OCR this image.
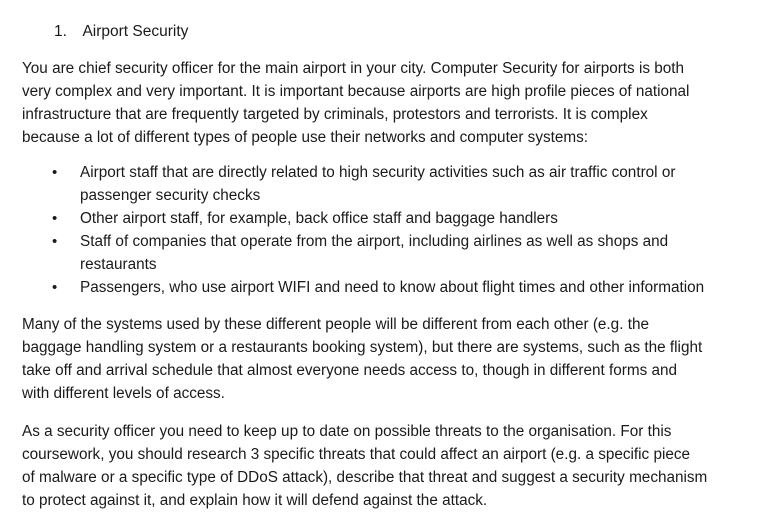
1. Airport Security

You are chief security officer for the main airport in your city. Computer Security for airports is both
very complex and very important. It is important because airports are high profile pieces of national
infrastructure that are frequently targeted by criminals, protestors and terrorists. It is complex
because a lot of different types of people use their networks and computer systems:

• Airport staff that are directly related to high security activities such as air traffic control or
passenger security checks
• Other airport staff, for example, back office staff and baggage handlers
• Staff of companies that operate from the airport, including airlines as well as shops and
restaurants
• Passengers, who use airport WIFI and need to know about flight times and other information

Many of the systems used by these different people will be different from each other (e.g. the
baggage handling system or a restaurants booking system), but there are systems, such as the flight
take off and arrival schedule that almost everyone needs access to, though in different forms and
with different levels of access.

As a security officer you need to keep up to date on possible threats to the organisation. For this
coursework, you should research 3 specific threats that could affect an airport (e.g. a specific piece
of malware or a specific type of DDoS attack), describe that threat and suggest a security mechanism
to protect against it, and explain how it will defend against the attack.
